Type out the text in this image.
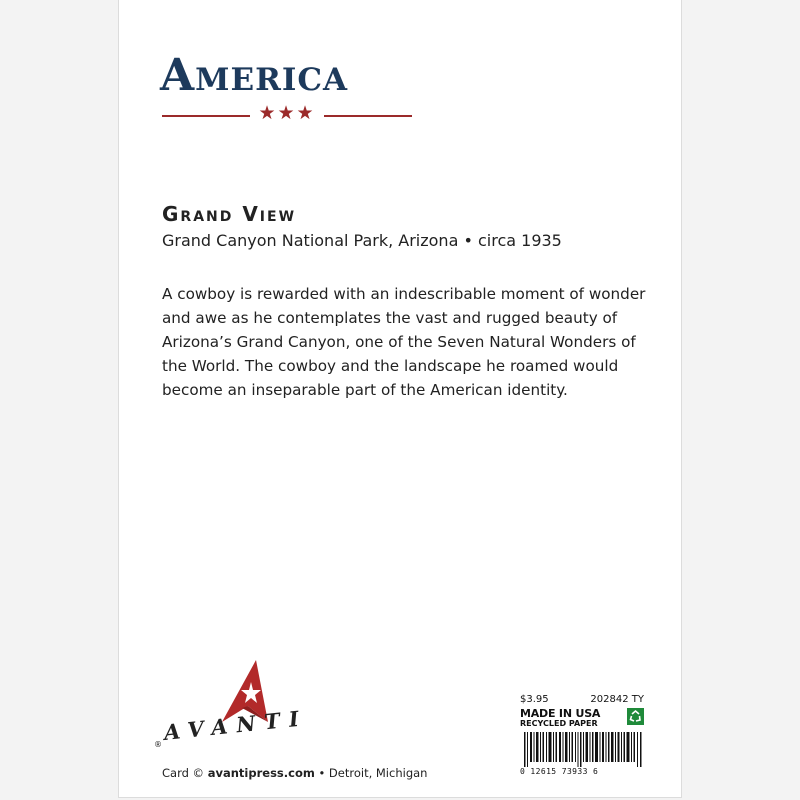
America
★★★
Grand View
Grand Canyon National Park, Arizona • circa 1935
A cowboy is rewarded with an indescribable moment of wonder and awe as he contemplates the vast and rugged beauty of Arizona’s Grand Canyon, one of the Seven Natural Wonders of the World. The cowboy and the landscape he roamed would become an inseparable part of the American identity.
AVANTI
®
Card © avantipress.com • Detroit, Michigan
$3.95	202842 TY
MADE IN USA
RECYCLED PAPER
0 12615 73933 6
